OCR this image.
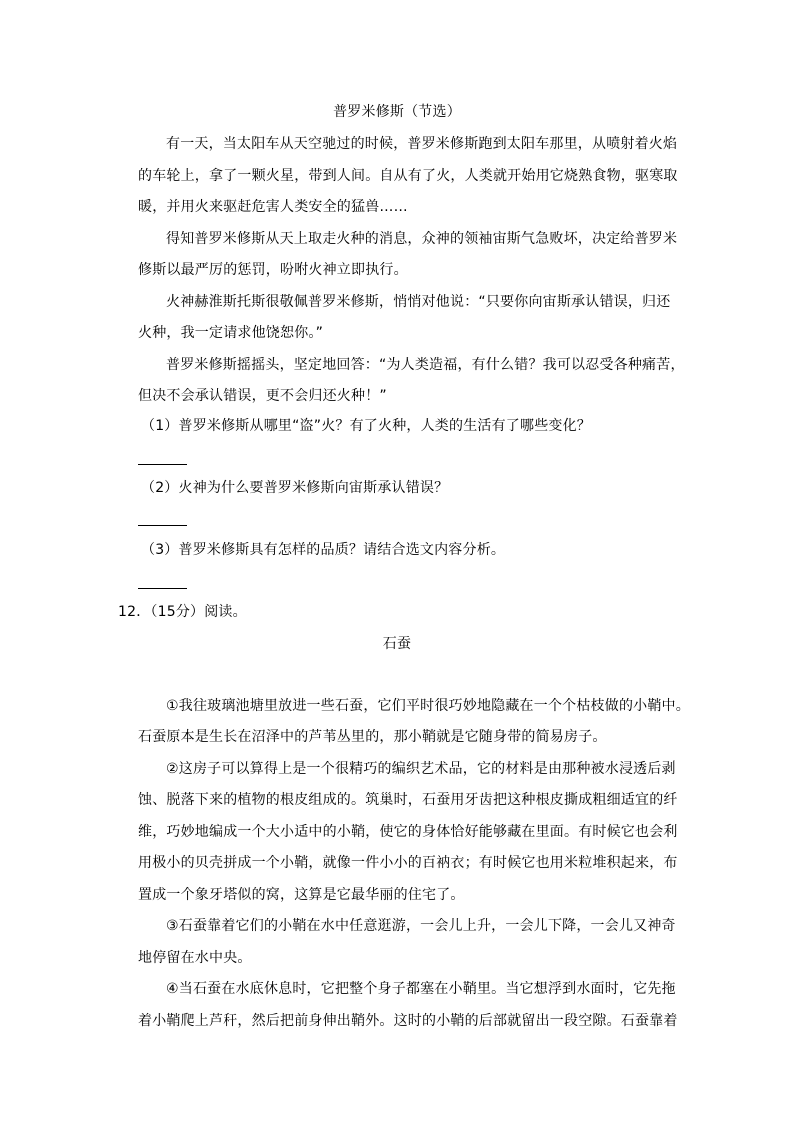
普罗米修斯（节选）
有一天，当太阳车从天空驰过的时候，普罗米修斯跑到太阳车那里，从喷射着火焰
的车轮上，拿了一颗火星，带到人间。自从有了火，人类就开始用它烧熟食物，驱寒取
暖，并用火来驱赶危害人类安全的猛兽……
得知普罗米修斯从天上取走火种的消息，众神的领袖宙斯气急败坏，决定给普罗米
修斯以最严厉的惩罚，吩咐火神立即执行。
火神赫淮斯托斯很敬佩普罗米修斯，悄悄对他说：“只要你向宙斯承认错误，归还
火种，我一定请求他饶恕你。”
普罗米修斯摇摇头，坚定地回答：“为人类造福，有什么错？我可以忍受各种痛苦，
但决不会承认错误，更不会归还火种！”
（1）普罗米修斯从哪里“盗”火？有了火种，人类的生活有了哪些变化？
（2）火神为什么要普罗米修斯向宙斯承认错误？
（3）普罗米修斯具有怎样的品质？请结合选文内容分析。
12．（15分）阅读。
石蚕
①我往玻璃池塘里放进一些石蚕，它们平时很巧妙地隐藏在一个个枯枝做的小鞘中。
石蚕原本是生长在沼泽中的芦苇丛里的，那小鞘就是它随身带的简易房子。
②这房子可以算得上是一个很精巧的编织艺术品，它的材料是由那种被水浸透后剥
蚀、脱落下来的植物的根皮组成的。筑巢时，石蚕用牙齿把这种根皮撕成粗细适宜的纤
维，巧妙地编成一个大小适中的小鞘，使它的身体恰好能够藏在里面。有时候它也会利
用极小的贝壳拼成一个小鞘，就像一件小小的百衲衣；有时候它也用米粒堆积起来，布
置成一个象牙塔似的窝，这算是它最华丽的住宅了。
③石蚕靠着它们的小鞘在水中任意逛游，一会儿上升，一会儿下降，一会儿又神奇
地停留在水中央。
④当石蚕在水底休息时，它把整个身子都塞在小鞘里。当它想浮到水面时，它先拖
着小鞘爬上芦秆，然后把前身伸出鞘外。这时的小鞘的后部就留出一段空隙。石蚕靠着
